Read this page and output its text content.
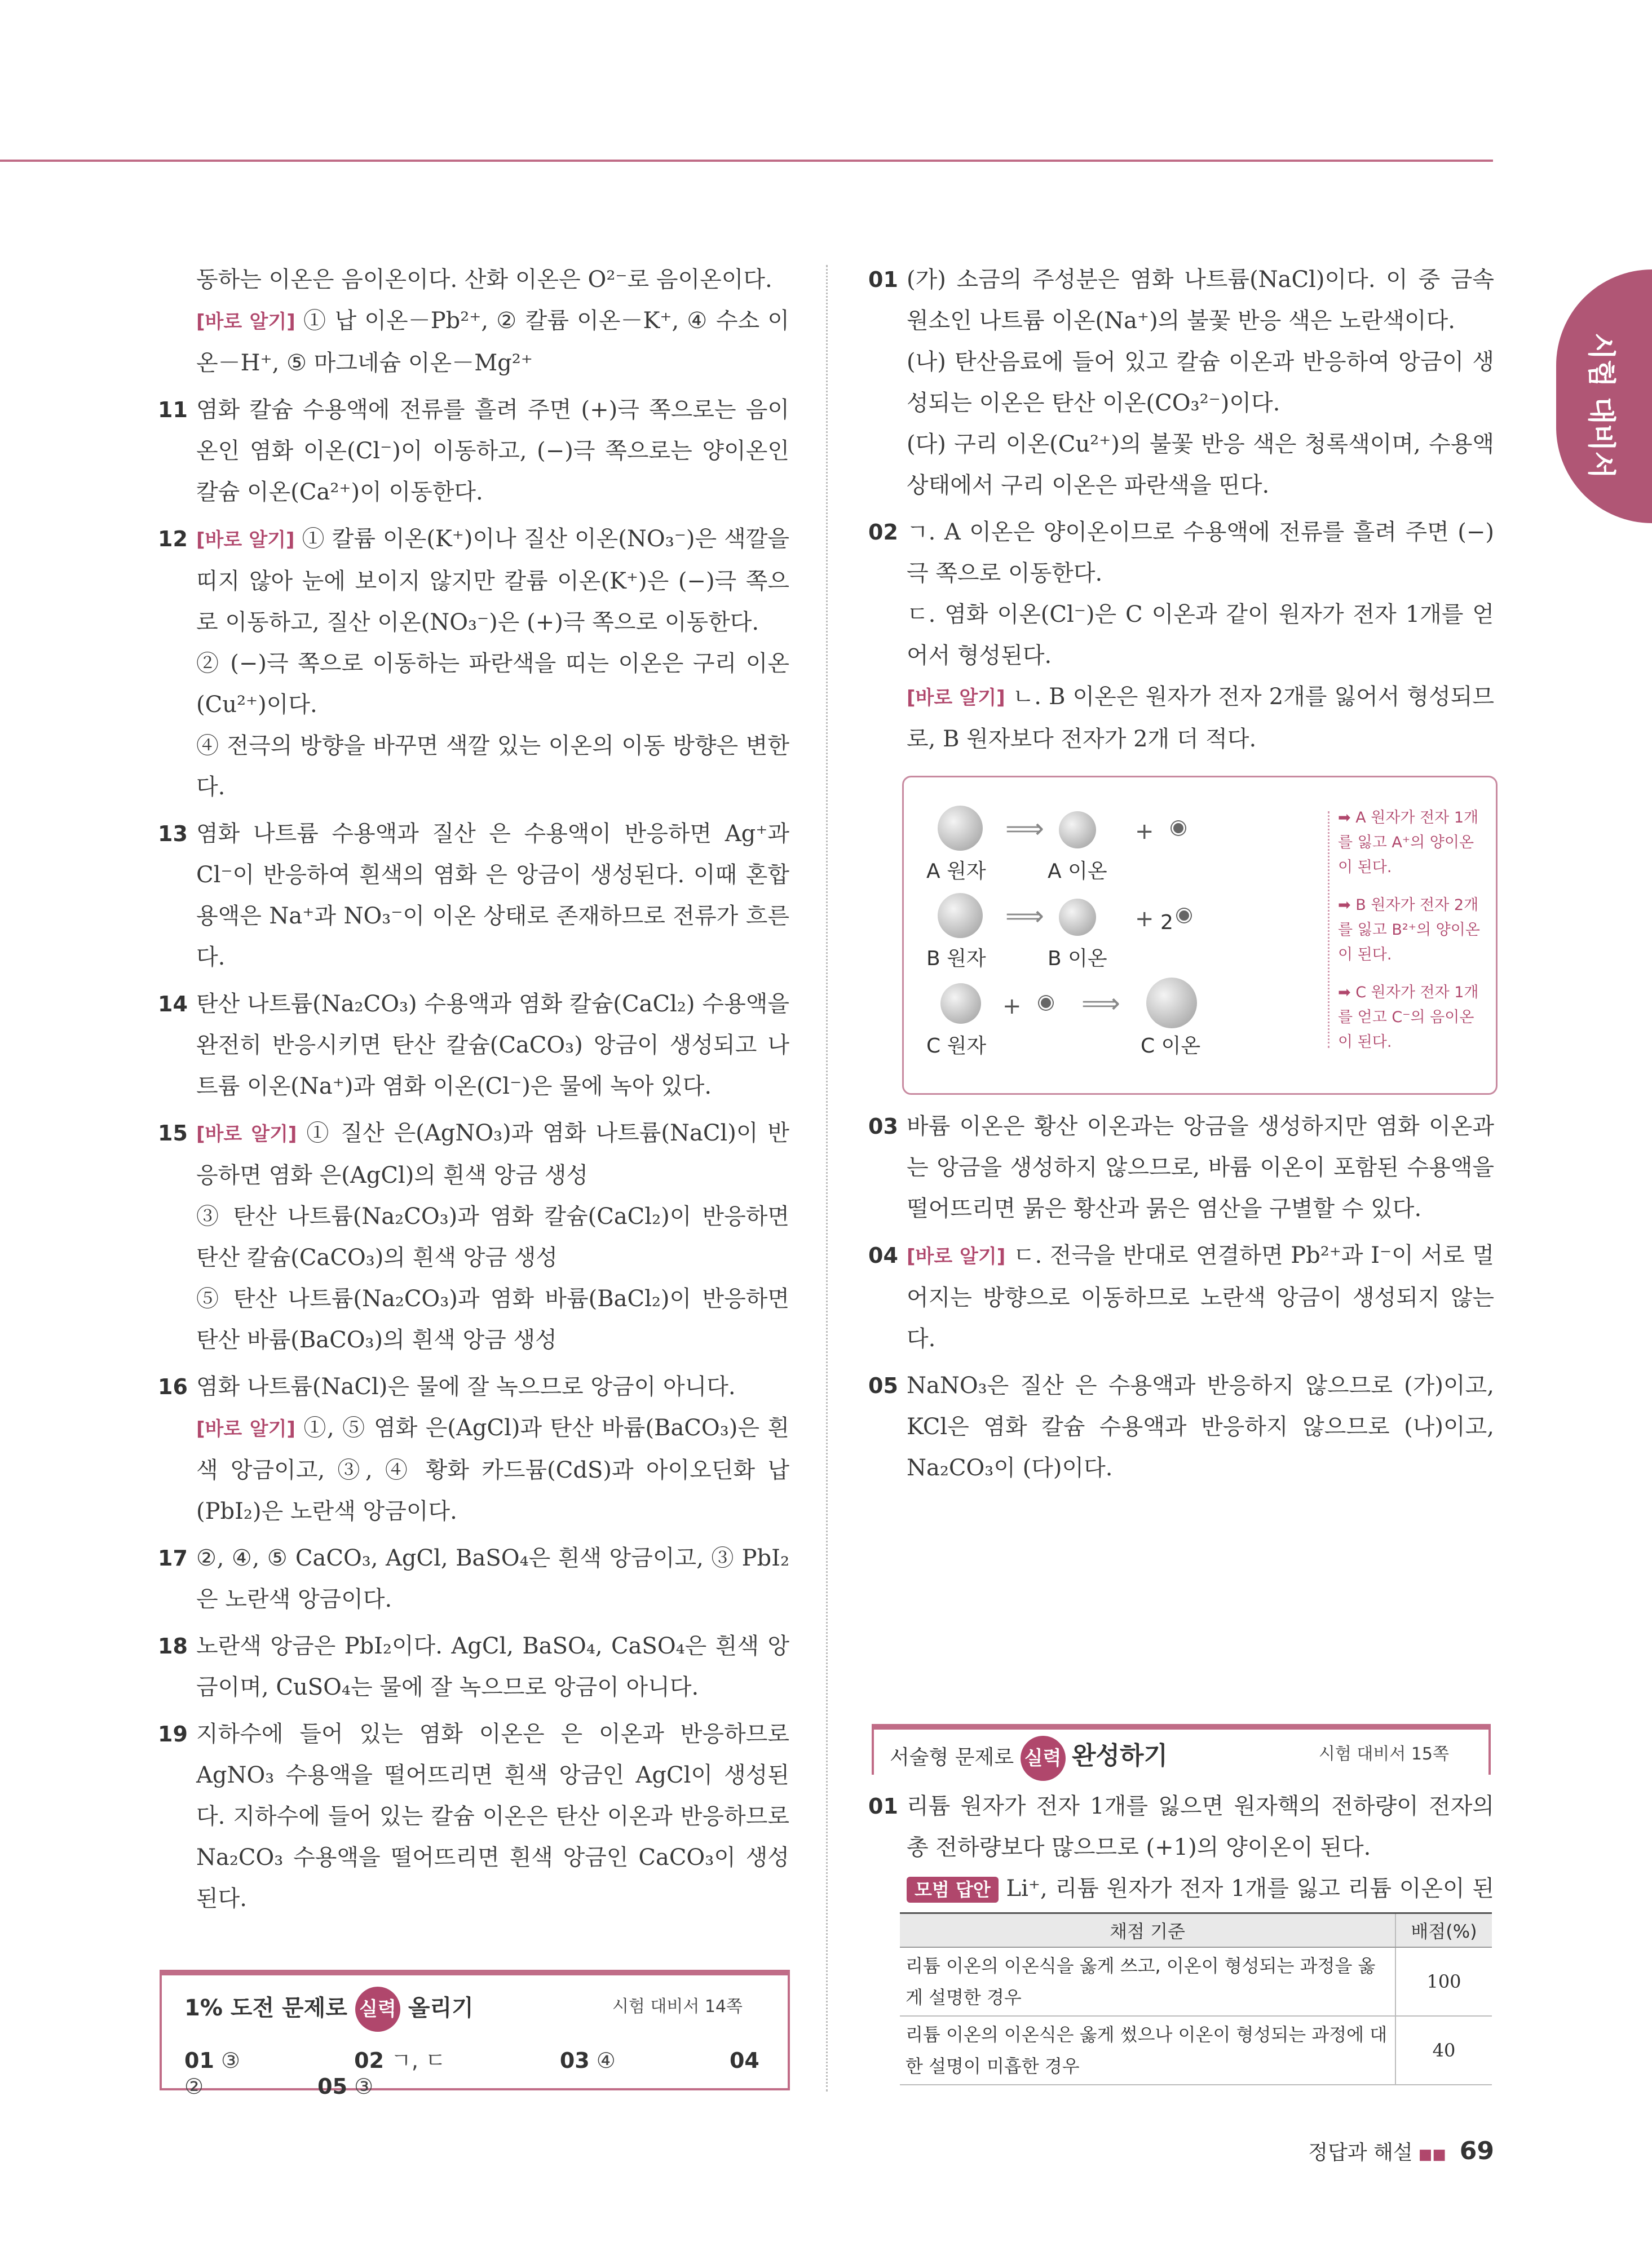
동하는 이온은 음이온이다. 산화 이온은 O²⁻로 음이온이다.

[바로 알기] ① 납 이온－Pb²⁺, ② 칼륨 이온－K⁺, ④ 수소 이온－H⁺, ⑤ 마그네슘 이온－Mg²⁺

11 염화 칼슘 수용액에 전류를 흘려 주면 (+)극 쪽으로는 음이온인 염화 이온(Cl⁻)이 이동하고, (−)극 쪽으로는 양이온인 칼슘 이온(Ca²⁺)이 이동한다.

12 [바로 알기] ① 칼륨 이온(K⁺)이나 질산 이온(NO₃⁻)은 색깔을 띠지 않아 눈에 보이지 않지만 칼륨 이온(K⁺)은 (−)극 쪽으로 이동하고, 질산 이온(NO₃⁻)은 (+)극 쪽으로 이동한다.

② (−)극 쪽으로 이동하는 파란색을 띠는 이온은 구리 이온(Cu²⁺)이다.

④ 전극의 방향을 바꾸면 색깔 있는 이온의 이동 방향은 변한다.

13 염화 나트륨 수용액과 질산 은 수용액이 반응하면 Ag⁺과 Cl⁻이 반응하여 흰색의 염화 은 앙금이 생성된다. 이때 혼합 용액은 Na⁺과 NO₃⁻이 이온 상태로 존재하므로 전류가 흐른다.

14 탄산 나트륨(Na₂CO₃) 수용액과 염화 칼슘(CaCl₂) 수용액을 완전히 반응시키면 탄산 칼슘(CaCO₃) 앙금이 생성되고 나트륨 이온(Na⁺)과 염화 이온(Cl⁻)은 물에 녹아 있다.

15 [바로 알기] ① 질산 은(AgNO₃)과 염화 나트륨(NaCl)이 반응하면 염화 은(AgCl)의 흰색 앙금 생성

③ 탄산 나트륨(Na₂CO₃)과 염화 칼슘(CaCl₂)이 반응하면 탄산 칼슘(CaCO₃)의 흰색 앙금 생성

⑤ 탄산 나트륨(Na₂CO₃)과 염화 바륨(BaCl₂)이 반응하면 탄산 바륨(BaCO₃)의 흰색 앙금 생성

16 염화 나트륨(NaCl)은 물에 잘 녹으므로 앙금이 아니다.

[바로 알기] ①, ⑤ 염화 은(AgCl)과 탄산 바륨(BaCO₃)은 흰색 앙금이고, ③, ④ 황화 카드뮴(CdS)과 아이오딘화 납(PbI₂)은 노란색 앙금이다.

17 ②, ④, ⑤ CaCO₃, AgCl, BaSO₄은 흰색 앙금이고, ③ PbI₂은 노란색 앙금이다.

18 노란색 앙금은 PbI₂이다. AgCl, BaSO₄, CaSO₄은 흰색 앙금이며, CuSO₄는 물에 잘 녹으므로 앙금이 아니다.

19 지하수에 들어 있는 염화 이온은 은 이온과 반응하므로 AgNO₃ 수용액을 떨어뜨리면 흰색 앙금인 AgCl이 생성된다. 지하수에 들어 있는 칼슘 이온은 탄산 이온과 반응하므로 Na₂CO₃ 수용액을 떨어뜨리면 흰색 앙금인 CaCO₃이 생성된다.

1% 도전 문제로 실력 올리기	시험 대비서 14쪽
01 ③	02 ㄱ, ㄷ	03 ④	04 ②	05 ③
01 (가) 소금의 주성분은 염화 나트륨(NaCl)이다. 이 중 금속 원소인 나트륨 이온(Na⁺)의 불꽃 반응 색은 노란색이다.

(나) 탄산음료에 들어 있고 칼슘 이온과 반응하여 앙금이 생성되는 이온은 탄산 이온(CO₃²⁻)이다.

(다) 구리 이온(Cu²⁺)의 불꽃 반응 색은 청록색이며, 수용액 상태에서 구리 이온은 파란색을 띤다.

02 ㄱ. A 이온은 양이온이므로 수용액에 전류를 흘려 주면 (−)극 쪽으로 이동한다.

ㄷ. 염화 이온(Cl⁻)은 C 이온과 같이 원자가 전자 1개를 얻어서 형성된다.

[바로 알기] ㄴ. B 이온은 원자가 전자 2개를 잃어서 형성되므로, B 원자보다 전자가 2개 더 적다.

A 원자
⟹
A 이온
+
➡ A 원자가 전자 1개를 잃고 A⁺의 양이온이 된다.
B 원자
⟹
B 이온
+ 2
➡ B 원자가 전자 2개를 잃고 B²⁺의 양이온이 된다.
C 원자
+ ⟹
C 이온
➡ C 원자가 전자 1개를 얻고 C⁻의 음이온이 된다.
03 바륨 이온은 황산 이온과는 앙금을 생성하지만 염화 이온과는 앙금을 생성하지 않으므로, 바륨 이온이 포함된 수용액을 떨어뜨리면 묽은 황산과 묽은 염산을 구별할 수 있다.

04 [바로 알기] ㄷ. 전극을 반대로 연결하면 Pb²⁺과 I⁻이 서로 멀어지는 방향으로 이동하므로 노란색 앙금이 생성되지 않는다.

05 NaNO₃은 질산 은 수용액과 반응하지 않으므로 (가)이고, KCl은 염화 칼슘 수용액과 반응하지 않으므로 (나)이고, Na₂CO₃이 (다)이다.

서술형 문제로 실력 완성하기	시험 대비서 15쪽
01 리튬 원자가 전자 1개를 잃으면 원자핵의 전하량이 전자의 총 전하량보다 많으므로 (+1)의 양이온이 된다.

모범 답안 Li⁺, 리튬 원자가 전자 1개를 잃고 리튬 이온이 된

채점 기준	배점(%)
리튬 이온의 이온식을 옳게 쓰고, 이온이 형성되는 과정을 옳게 설명한 경우	100
리튬 이온의 이온식은 옳게 썼으나 이온이 형성되는 과정에 대한 설명이 미흡한 경우	40
정답과 해설 ■■ 69
